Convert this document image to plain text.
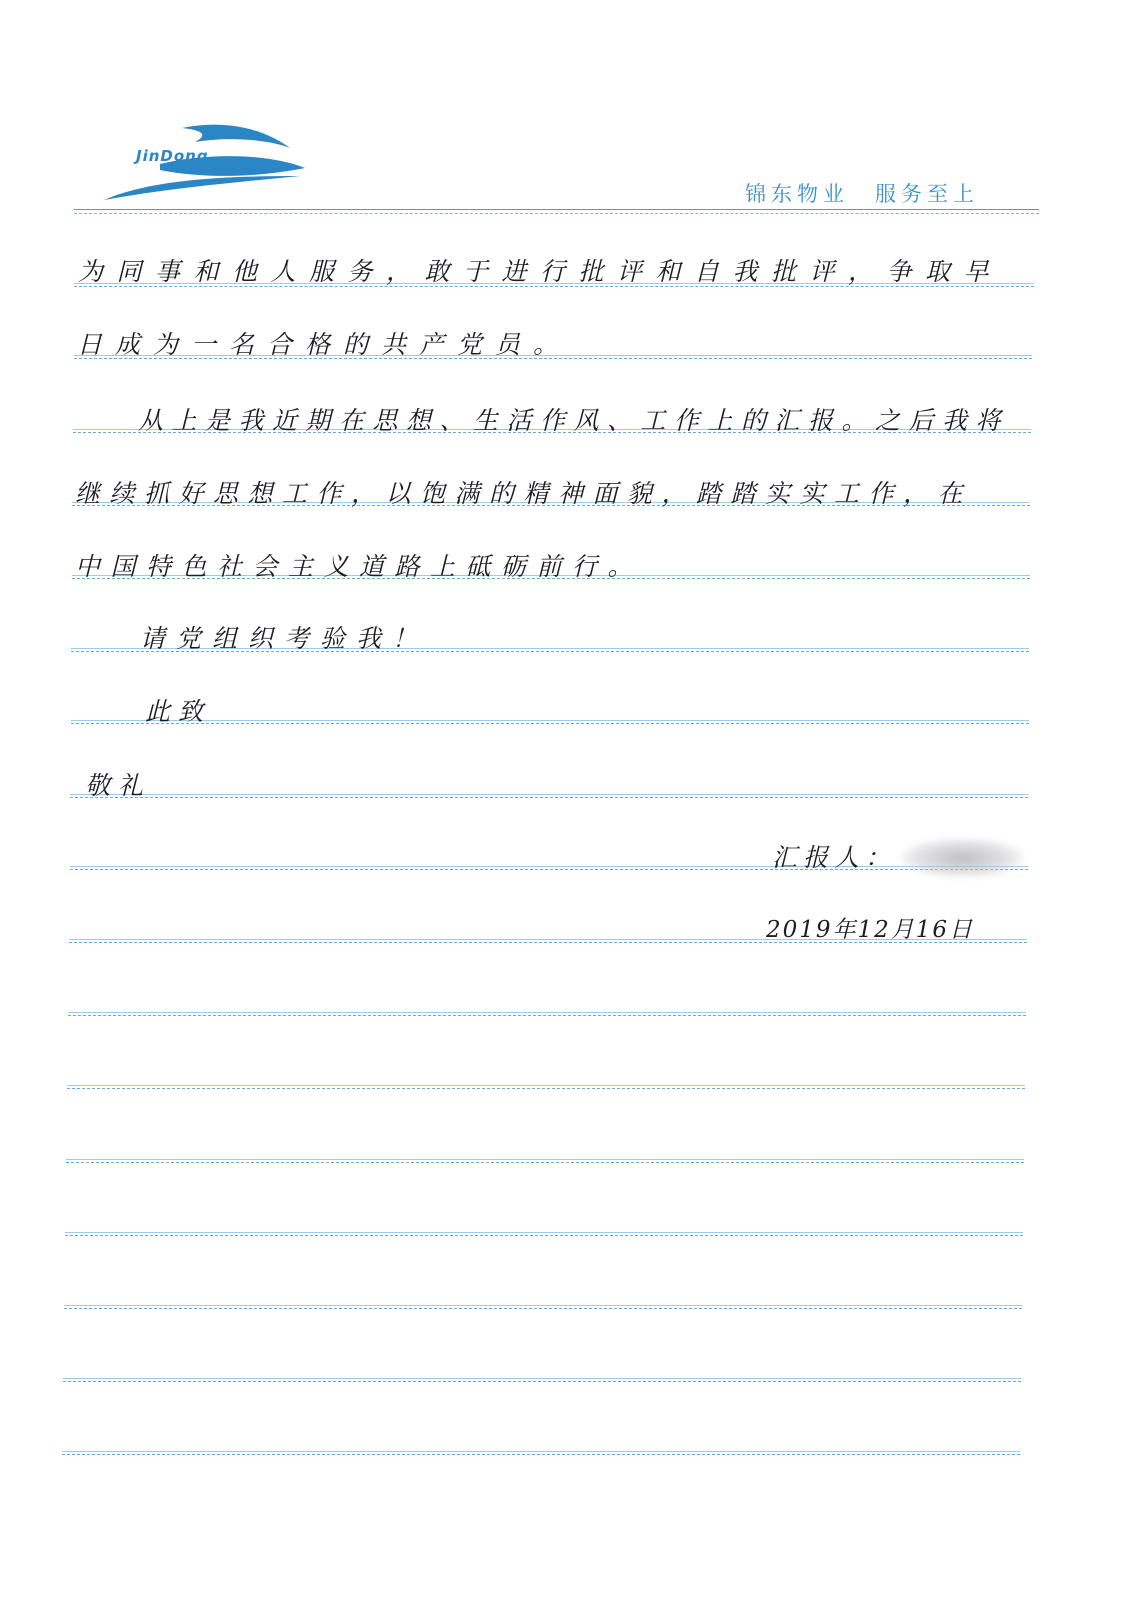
JinDong
锦东物业 服务至上
为同事和他人服务，敢于进行批评和自我批评，争取早
日成为一名合格的共产党员。
从上是我近期在思想、生活作风、工作上的汇报。之后我将
继续抓好思想工作，以饱满的精神面貌，踏踏实实工作，在
中国特色社会主义道路上砥砺前行。
请党组织考验我！
此致
敬礼
汇报人：
2019年12月16日
